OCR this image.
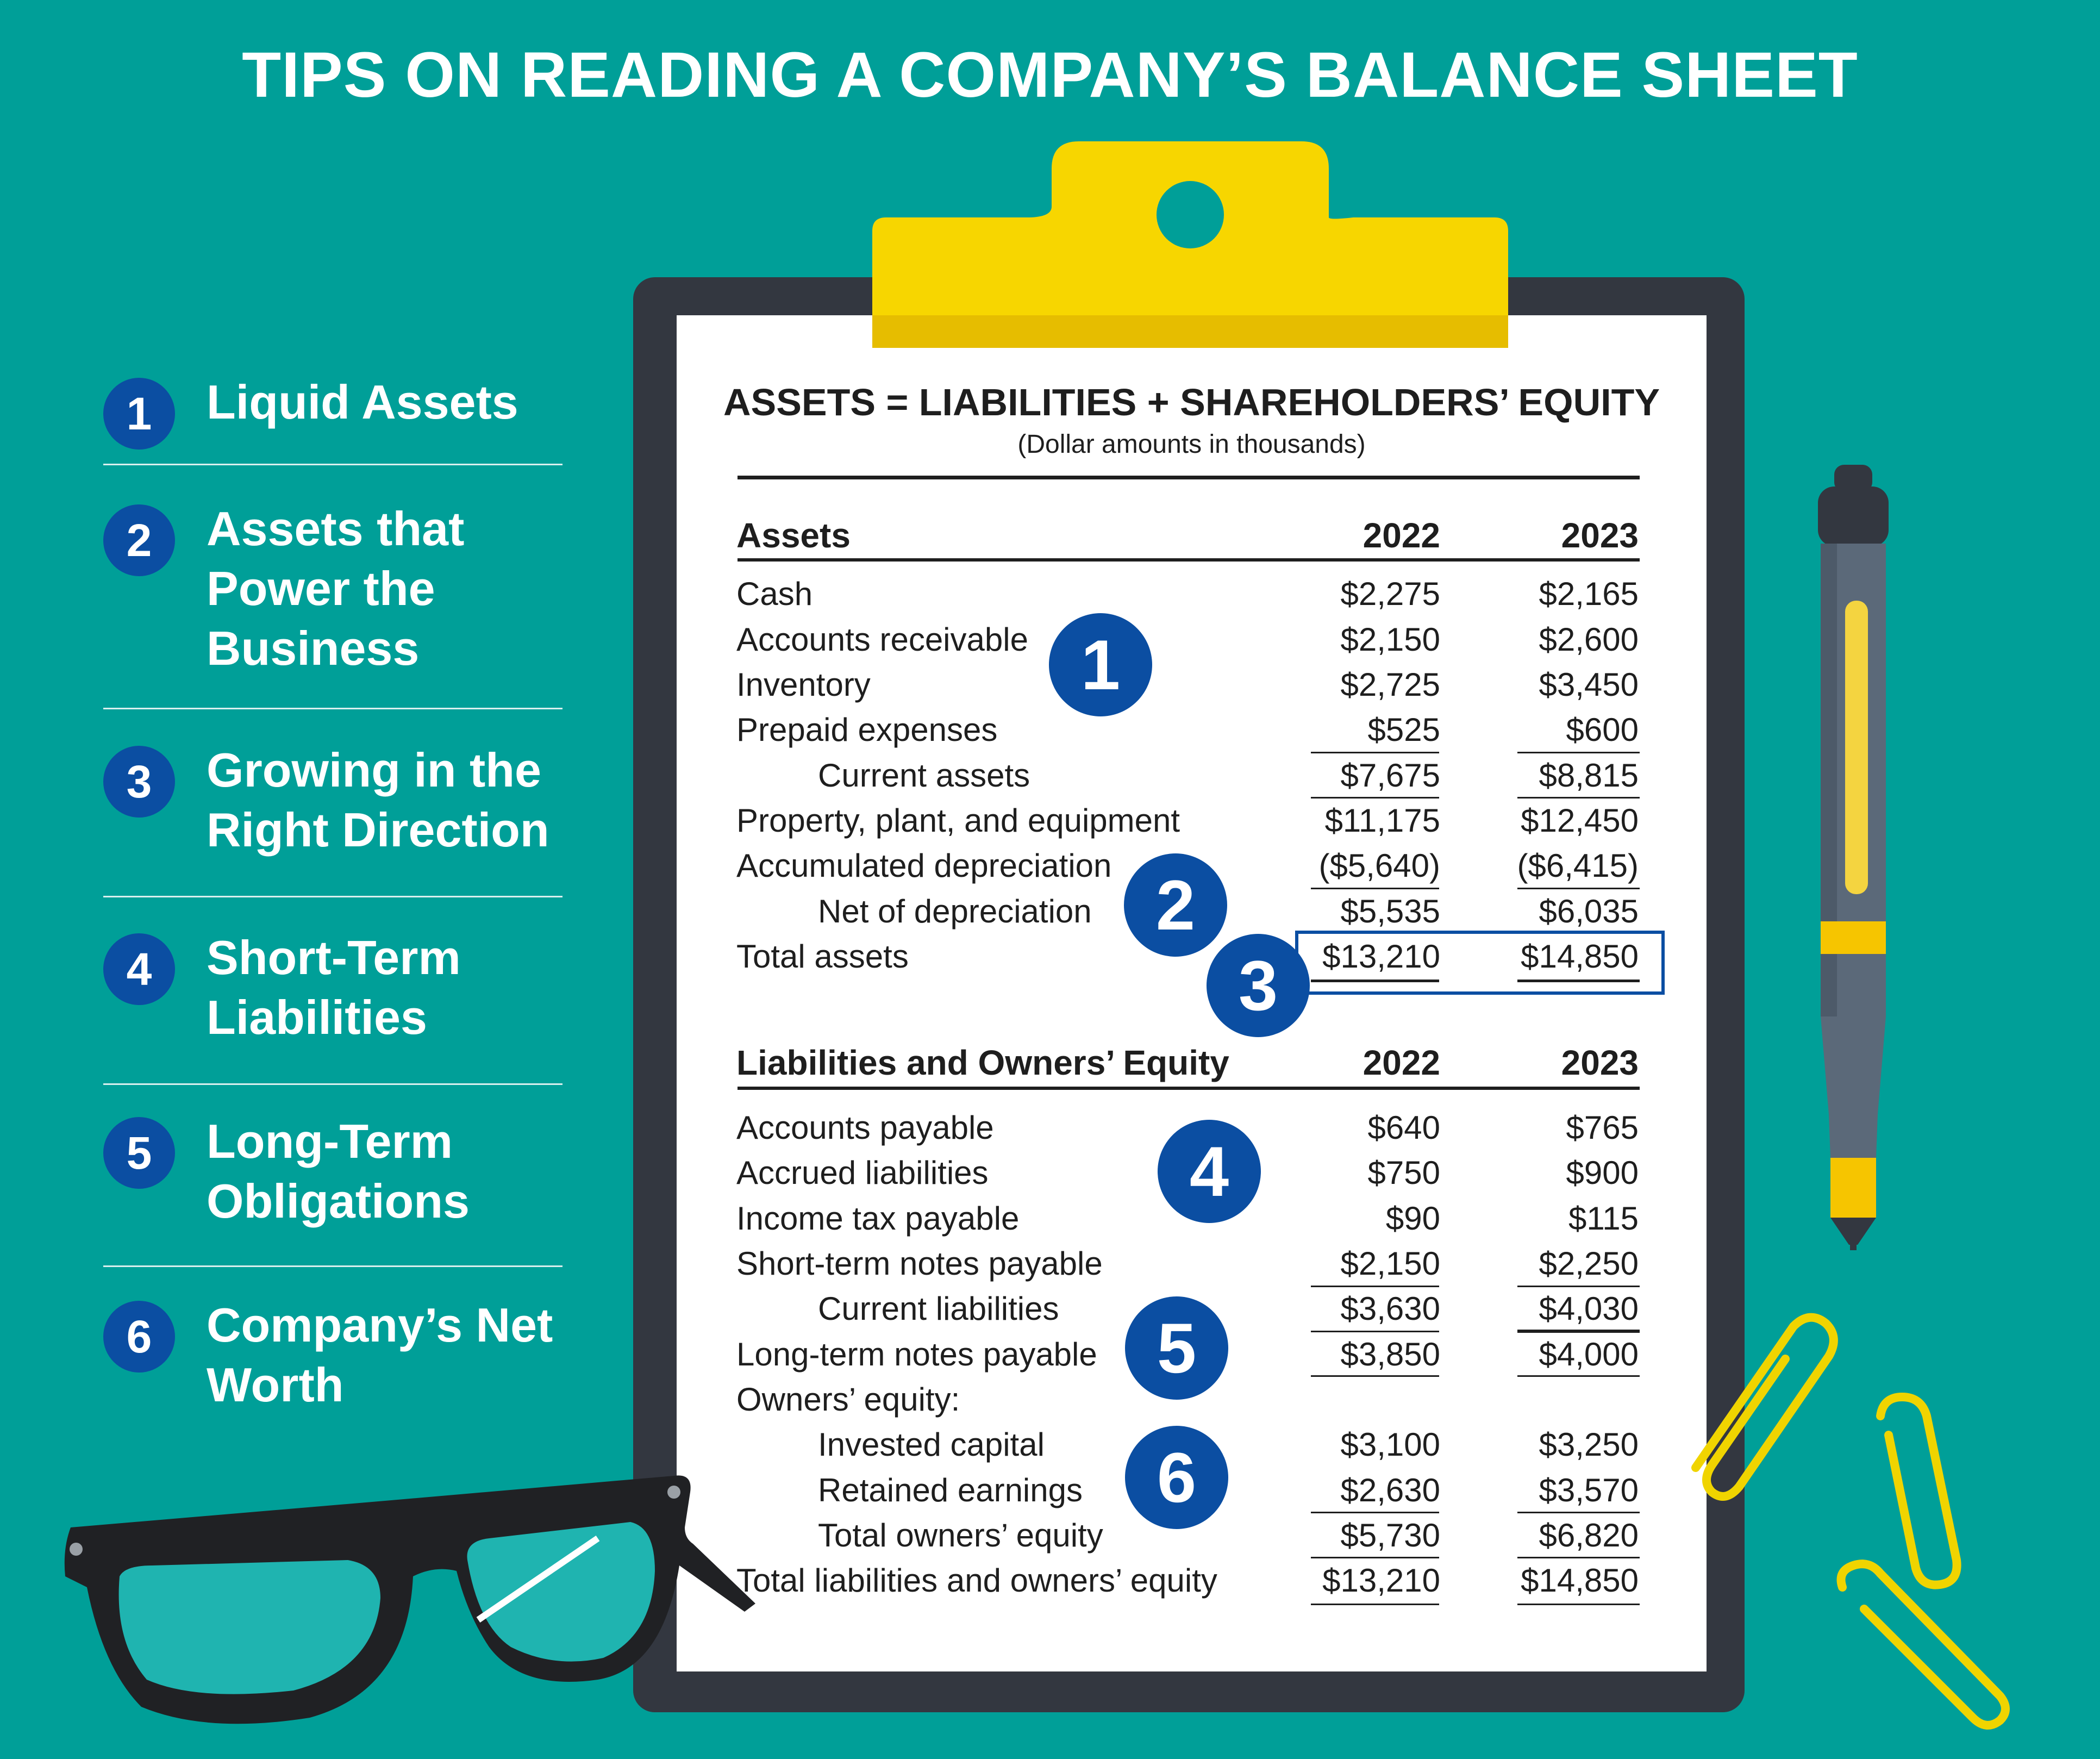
TIPS ON READING A COMPANY’S BALANCE SHEET
1	Liquid Assets
2	Assets that Power the Business
3	Growing in the Right Direction
4	Short-Term Liabilities
5	Long-Term Obligations
6	Company’s Net Worth
ASSETS = LIABILITIES + SHAREHOLDERS’ EQUITY
(Dollar amounts in thousands)
Assets	2022	2023
Cash	$2,275	$2,165
Accounts receivable	$2,150	$2,600
Inventory	$2,725	$3,450
Prepaid expenses	$525	$600
Current assets	$7,675	$8,815
Property, plant, and equipment	$11,175	$12,450
Accumulated depreciation	($5,640)	($6,415)
Net of depreciation	$5,535	$6,035
Total assets	$13,210	$14,850
Liabilities and Owners’ Equity	2022	2023
Accounts payable	$640	$765
Accrued liabilities	$750	$900
Income tax payable	$90	$115
Short-term notes payable	$2,150	$2,250
Current liabilities	$3,630	$4,030
Long-term notes payable	$3,850	$4,000
Owners’ equity:
Invested capital	$3,100	$3,250
Retained earnings	$2,630	$3,570
Total owners’ equity	$5,730	$6,820
Total liabilities and owners’ equity	$13,210	$14,850
1
2
3
4
5
6
